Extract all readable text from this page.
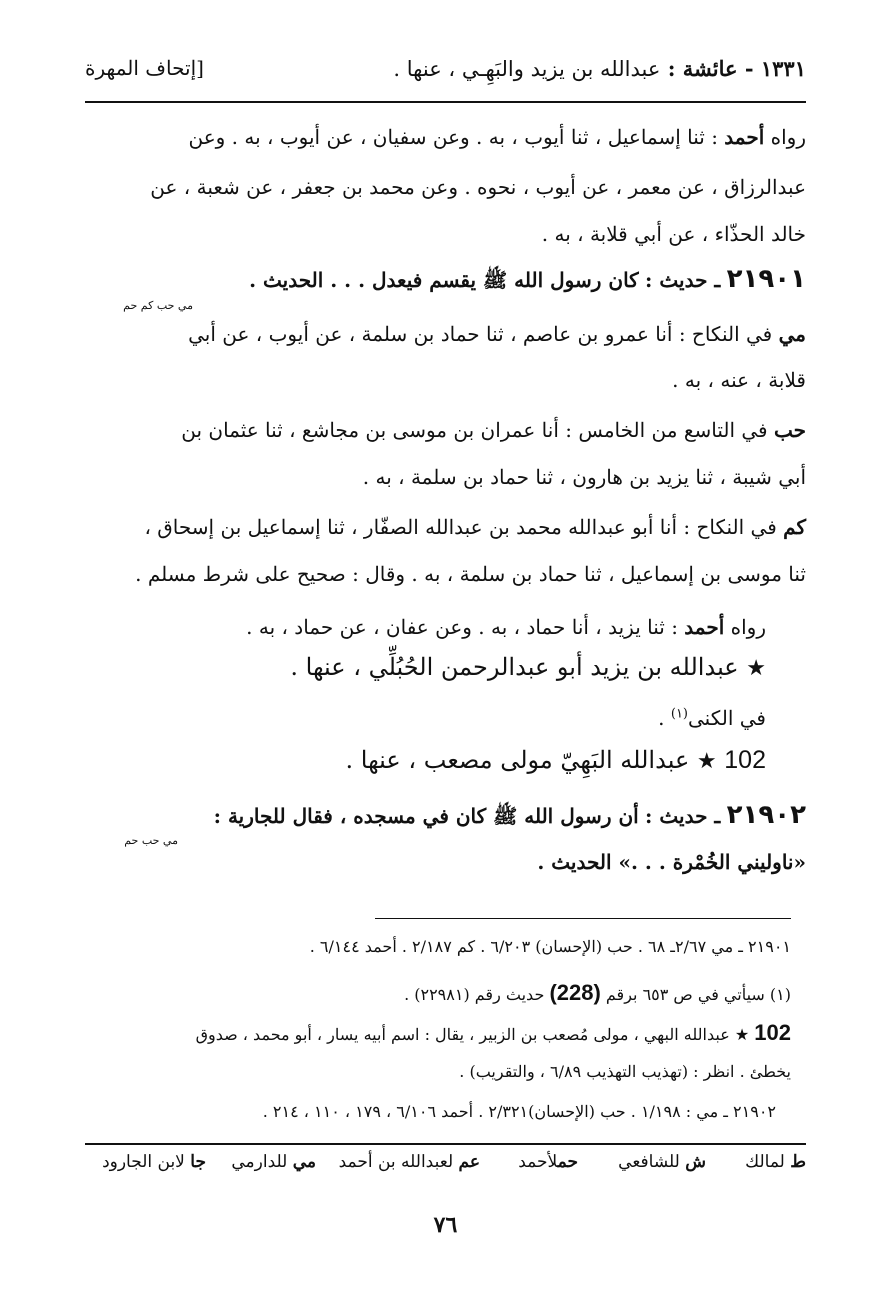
١٣٣١ - عائشة : عبدالله بن يزيد والبَهِـي ، عنها .
[إتحاف المهرة
رواه أحمد : ثنا إسماعيل ، ثنا أيوب ، به . وعن سفيان ، عن أيوب ، به . وعن
عبدالرزاق ، عن معمر ، عن أيوب ، نحوه . وعن محمد بن جعفر ، عن شعبة ، عن
خالد الحذّاء ، عن أبي قلابة ، به .
٢١٩٠١ ـ حديث : كان رسول الله ﷺ يقسم فيعدل . . . الحديث .
مي حب كم حم
مي في النكاح : أنا عمرو بن عاصم ، ثنا حماد بن سلمة ، عن أيوب ، عن أبي
قلابة ، عنه ، به .
حب في التاسع من الخامس : أنا عمران بن موسى بن مجاشع ، ثنا عثمان بن
أبي شيبة ، ثنا يزيد بن هارون ، ثنا حماد بن سلمة ، به .
كم في النكاح : أنا أبو عبدالله محمد بن عبدالله الصفّار ، ثنا إسماعيل بن إسحاق ،
ثنا موسى بن إسماعيل ، ثنا حماد بن سلمة ، به . وقال : صحيح على شرط مسلم .
رواه أحمد : ثنا يزيد ، أنا حماد ، به . وعن عفان ، عن حماد ، به .
★ عبدالله بن يزيد أبو عبدالرحمن الحُبُلِّي ، عنها .
في الكنى$^{(١)}$ .
102 ★ عبدالله البَهِيّ مولى مصعب ، عنها .
٢١٩٠٢ ـ حديث : أن رسول الله ﷺ كان في مسجده ، فقال للجارية :
مي حب حم
«ناوليني الخُمْرة . . .» الحديث .
٢١٩٠١ ـ مي ٢/٦٧ـ ٦٨ . حب (الإحسان) ٦/٢٠٣ . كم ٢/١٨٧ . أحمد ٦/١٤٤ .
(١) سيأتي في ص ٦٥٣ برقم (228) حديث رقم (٢٢٩٨١) .
102 ★ عبدالله البهي ، مولى مُصعب بن الزبير ، يقال : اسم أبيه يسار ، أبو محمد ، صدوق
يخطئ . انظر : (تهذيب التهذيب ٦/٨٩ ، والتقريب) .
٢١٩٠٢ ـ مي : ١/١٩٨ . حب (الإحسان)٢/٣٢١ . أحمد ٦/١٠٦ ، ١٧٩ ، ١١٠ ، ٢١٤ .
ط لمالك
ش للشافعي
حملأحمد
عم لعبدالله بن أحمد
مي للدارمي
جا لابن الجارود
٧٦
